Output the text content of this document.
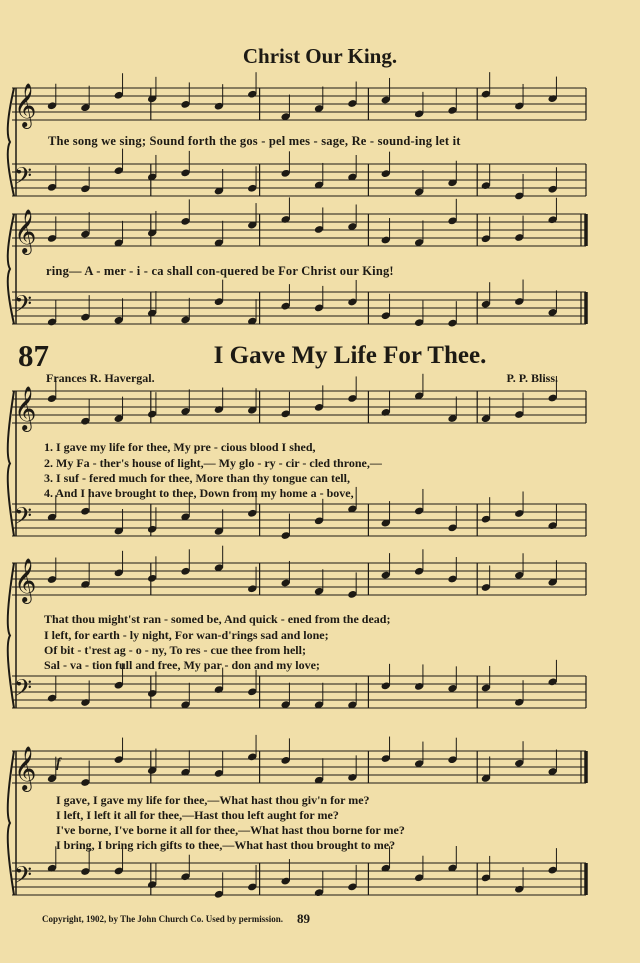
Christ Our King.
𝄞
𝄢
𝄞
𝄢
𝄞
𝄢
𝄞
𝄢
𝄞
𝄢
The song we sing; Sound forth the gos - pel mes - sage, Re - sound-ing let it
ring— A - mer - i - ca shall con-quered be For Christ our King!
87	I Gave My Life For Thee.
Frances R. Havergal.	P. P. Bliss.
1. I gave my life for thee, My pre - cious blood I shed,
2. My Fa - ther's house of light,— My glo - ry - cir - cled throne,—
3. I suf - fered much for thee, More than thy tongue can tell,
4. And I have brought to thee, Down from my home a - bove,
That thou might'st ran - somed be, And quick - ened from the dead;
I left, for earth - ly night, For wan-d'rings sad and lone;
Of bit - t'rest ag - o - ny, To res - cue thee from hell;
Sal - va - tion full and free, My par - don and my love;
f
I gave, I gave my life for thee,—What hast thou giv'n for me?
I left, I left it all for thee,—Hast thou left aught for me?
I've borne, I've borne it all for thee,—What hast thou borne for me?
I bring, I bring rich gifts to thee,—What hast thou brought to me?
Copyright, 1902, by The John Church Co. Used by permission. 89
